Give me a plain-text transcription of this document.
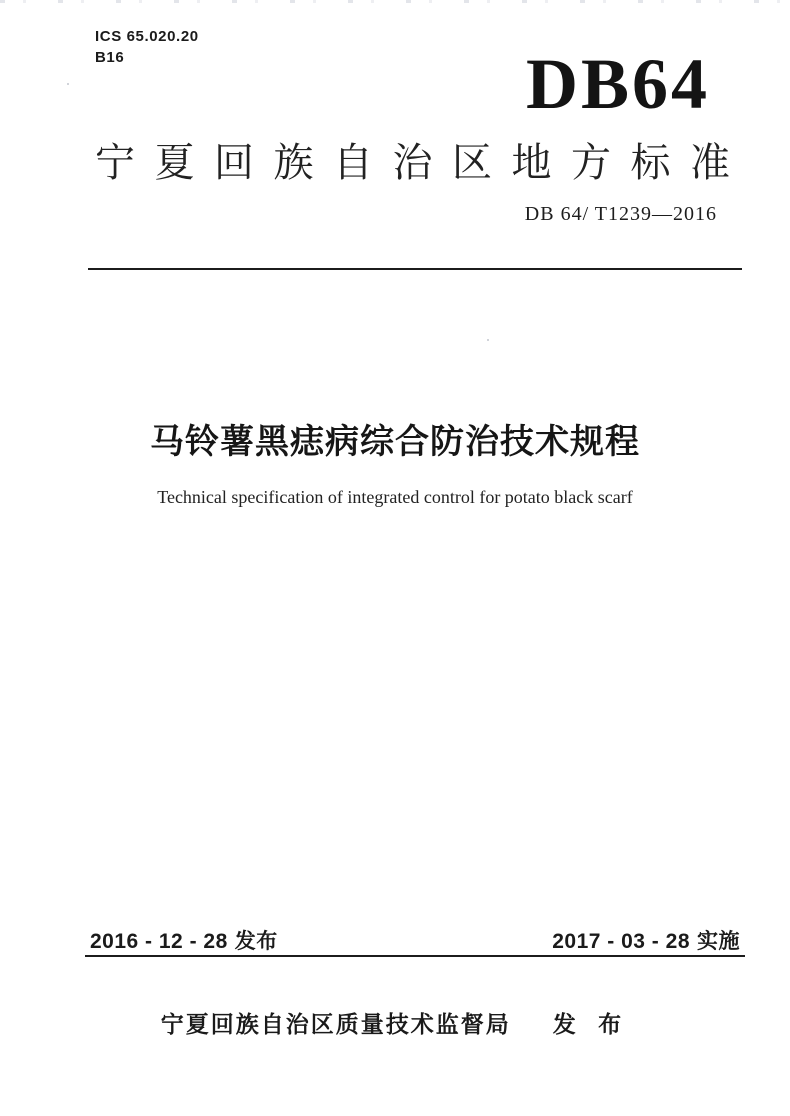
ICS 65.020.20
B16	DB64
宁夏回族自治区地方标准
DB 64/ T1239—2016
马铃薯黑痣病综合防治技术规程
Technical specification of integrated control for potato black scarf
2016 - 12 - 28 发布	2017 - 03 - 28 实施
宁夏回族自治区质量技术监督局 发 布
